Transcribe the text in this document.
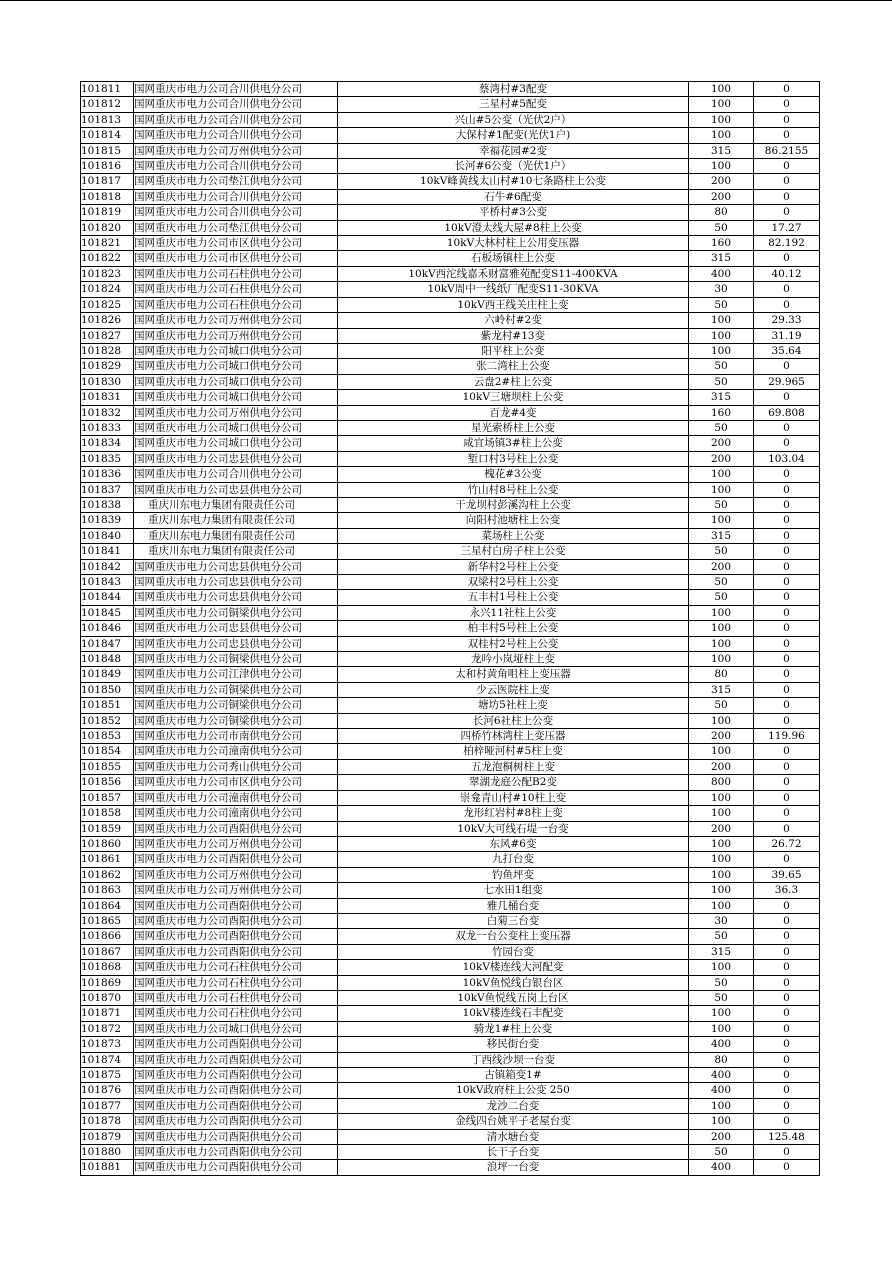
101811	国网重庆市电力公司合川供电分公司	蔡湾村#3配变	100	0
101812	国网重庆市电力公司合川供电分公司	三星村#5配变	100	0
101813	国网重庆市电力公司合川供电分公司	兴山#5公变（光伏2户）	100	0
101814	国网重庆市电力公司合川供电分公司	大保村#1配变(光伏1户)	100	0
101815	国网重庆市电力公司万州供电分公司	幸福花园#2变	315	86.2155
101816	国网重庆市电力公司合川供电分公司	长河#6公变（光伏1户）	100	0
101817	国网重庆市电力公司垫江供电分公司	10kV峰黄线太山村#10七条路柱上公变	200	0
101818	国网重庆市电力公司合川供电分公司	石牛#6配变	200	0
101819	国网重庆市电力公司合川供电分公司	平桥村#3公变	80	0
101820	国网重庆市电力公司垫江供电分公司	10kV澄太线大屋#8柱上公变	50	17.27
101821	国网重庆市电力公司市区供电分公司	10kV大林村柱上公用变压器	160	82.192
101822	国网重庆市电力公司市区供电分公司	石板场镇柱上公变	315	0
101823	国网重庆市电力公司石柱供电分公司	10kV西沱线嘉禾财富雅苑配变S11-400KVA	400	40.12
101824	国网重庆市电力公司石柱供电分公司	10kV周中一线纸厂配变S11-30KVA	30	0
101825	国网重庆市电力公司石柱供电分公司	10kV西王线关庄柱上变	50	0
101826	国网重庆市电力公司万州供电分公司	六岭村#2变	100	29.33
101827	国网重庆市电力公司万州供电分公司	紫龙村#13变	100	31.19
101828	国网重庆市电力公司城口供电分公司	阳平柱上公变	100	35.64
101829	国网重庆市电力公司城口供电分公司	张二湾柱上公变	50	0
101830	国网重庆市电力公司城口供电分公司	云盘2#柱上公变	50	29.965
101831	国网重庆市电力公司城口供电分公司	10kV三塘坝柱上公变	315	0
101832	国网重庆市电力公司万州供电分公司	百龙#4变	160	69.808
101833	国网重庆市电力公司城口供电分公司	星光索桥柱上公变	50	0
101834	国网重庆市电力公司城口供电分公司	咸宜场镇3#柱上公变	200	0
101835	国网重庆市电力公司忠县供电分公司	堑口村3号柱上公变	200	103.04
101836	国网重庆市电力公司合川供电分公司	槐花#3公变	100	0
101837	国网重庆市电力公司忠县供电分公司	竹山村8号柱上公变	100	0
101838	重庆川东电力集团有限责任公司	干龙坝村彭溪沟柱上公变	50	0
101839	重庆川东电力集团有限责任公司	向阳村池塘柱上公变	100	0
101840	重庆川东电力集团有限责任公司	菜场柱上公变	315	0
101841	重庆川东电力集团有限责任公司	三星村白房子柱上公变	50	0
101842	国网重庆市电力公司忠县供电分公司	新华村2号柱上公变	200	0
101843	国网重庆市电力公司忠县供电分公司	双梁村2号柱上公变	50	0
101844	国网重庆市电力公司忠县供电分公司	五丰村1号柱上公变	50	0
101845	国网重庆市电力公司铜梁供电分公司	永兴11社柱上公变	100	0
101846	国网重庆市电力公司忠县供电分公司	柏丰村5号柱上公变	100	0
101847	国网重庆市电力公司忠县供电分公司	双桂村2号柱上公变	100	0
101848	国网重庆市电力公司铜梁供电分公司	龙吟小岚垭柱上变	100	0
101849	国网重庆市电力公司江津供电分公司	太和村黄角咀柱上变压器	80	0
101850	国网重庆市电力公司铜梁供电分公司	少云医院柱上变	315	0
101851	国网重庆市电力公司铜梁供电分公司	塘坊5社柱上变	50	0
101852	国网重庆市电力公司铜梁供电分公司	长河6社柱上公变	100	0
101853	国网重庆市电力公司市南供电分公司	四桥竹林湾柱上变压器	200	119.96
101854	国网重庆市电力公司潼南供电分公司	柏梓哑河村#5柱上变	100	0
101855	国网重庆市电力公司秀山供电分公司	五龙泡桐树柱上变	200	0
101856	国网重庆市电力公司市区供电分公司	翠湖龙庭公配B2变	800	0
101857	国网重庆市电力公司潼南供电分公司	崇龛青山村#10柱上变	100	0
101858	国网重庆市电力公司潼南供电分公司	龙形红岩村#8柱上变	100	0
101859	国网重庆市电力公司酉阳供电分公司	10kV大可线石堤一台变	200	0
101860	国网重庆市电力公司万州供电分公司	东风#6变	100	26.72
101861	国网重庆市电力公司酉阳供电分公司	九打台变	100	0
101862	国网重庆市电力公司万州供电分公司	钓鱼坪变	100	39.65
101863	国网重庆市电力公司万州供电分公司	七水田1组变	100	36.3
101864	国网重庆市电力公司酉阳供电分公司	雅几桶台变	100	0
101865	国网重庆市电力公司酉阳供电分公司	白菊三台变	30	0
101866	国网重庆市电力公司酉阳供电分公司	双龙一台公变柱上变压器	50	0
101867	国网重庆市电力公司酉阳供电分公司	竹园台变	315	0
101868	国网重庆市电力公司石柱供电分公司	10kV楼连线大河配变	100	0
101869	国网重庆市电力公司石柱供电分公司	10kV鱼悦线白银台区	50	0
101870	国网重庆市电力公司石柱供电分公司	10kV鱼悦线五岗上台区	50	0
101871	国网重庆市电力公司石柱供电分公司	10kV楼连线石丰配变	100	0
101872	国网重庆市电力公司城口供电分公司	骑龙1#柱上公变	100	0
101873	国网重庆市电力公司酉阳供电分公司	移民街台变	400	0
101874	国网重庆市电力公司酉阳供电分公司	丁西线沙坝一台变	80	0
101875	国网重庆市电力公司酉阳供电分公司	古镇箱变1#	400	0
101876	国网重庆市电力公司酉阳供电分公司	10kV政府柱上公变 250	400	0
101877	国网重庆市电力公司酉阳供电分公司	龙沙二台变	100	0
101878	国网重庆市电力公司酉阳供电分公司	金线四台姚平子老屋台变	100	0
101879	国网重庆市电力公司酉阳供电分公司	清水塘台变	200	125.48
101880	国网重庆市电力公司酉阳供电分公司	长干子台变	50	0
101881	国网重庆市电力公司酉阳供电分公司	浪坪一台变	400	0
